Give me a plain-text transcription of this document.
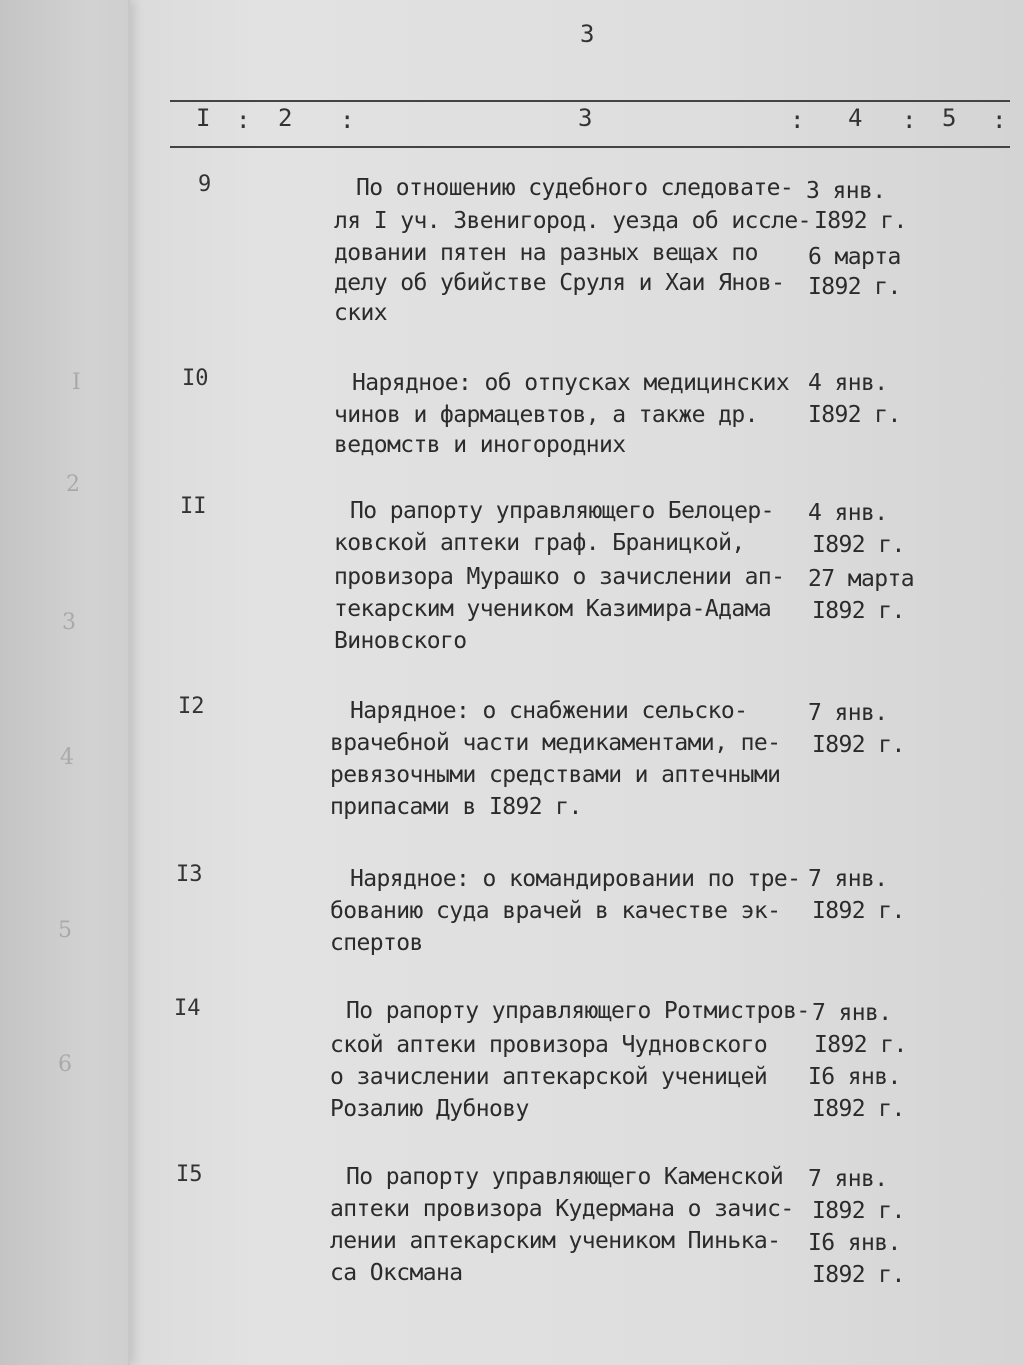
I
2
3
4
5
6
3
I : 2 :	3	: 4 : 5 :
9	По отношению судебного следовате-
ля I уч. Звенигород. уезда об иссле-
довании пятен на разных вещах по
делу об убийстве Сруля и Хаи Янов-
ских
3 янв.
I892 г.
6 марта
I892 г.
I0	Нарядное: об отпусках медицинских
чинов и фармацевтов, а также др.
ведомств и иногородних
4 янв.
I892 г.
II	По рапорту управляющего Белоцер-
ковской аптеки граф. Браницкой,
провизора Мурашко о зачислении ап-
текарским учеником Казимира-Адама
Виновского
4 янв.
I892 г.
27 марта
I892 г.
I2	Нарядное: о снабжении сельско-
врачебной части медикаментами, пе-
ревязочными средствами и аптечными
припасами в I892 г.
7 янв.
I892 г.
I3	Нарядное: о командировании по тре-
бованию суда врачей в качестве эк-
спертов
7 янв.
I892 г.
I4	По рапорту управляющего Ротмистров-
ской аптеки провизора Чудновского
о зачислении аптекарской ученицей
Розалию Дубнову
7 янв.
I892 г.
I6 янв.
I892 г.
I5	По рапорту управляющего Каменской
аптеки провизора Кудермана о зачис-
лении аптекарским учеником Пинька-
са Оксмана
7 янв.
I892 г.
I6 янв.
I892 г.
